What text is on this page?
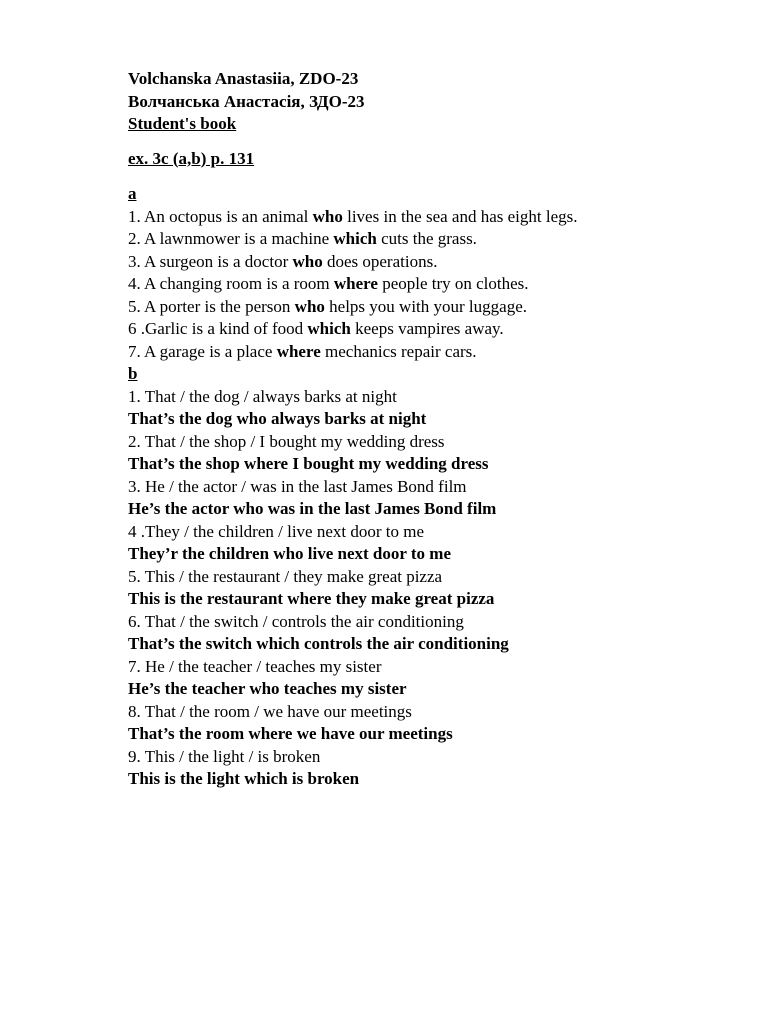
Volchanska Anastasiia, ZDO-23
Волчанська Анастасія, ЗДО-23
Student's book
ex. 3c (a,b) p. 131
a
1. An octopus is an animal who lives in the sea and has eight legs.
2. A lawnmower is a machine which cuts the grass.
3. A surgeon is a doctor who does operations.
4. A changing room is a room where people try on clothes.
5. A porter is the person who helps you with your luggage.
6 .Garlic is a kind of food which keeps vampires away.
7. A garage is a place where mechanics repair cars.
b
1. That / the dog / always barks at night
That’s the dog who always barks at night
2. That / the shop / I bought my wedding dress
That’s the shop where I bought my wedding dress
3. He / the actor / was in the last James Bond film
He’s the actor who was in the last James Bond film
4 .They / the children / live next door to me
They’r the children who live next door to me
5. This / the restaurant / they make great pizza
This is the restaurant where they make great pizza
6. That / the switch / controls the air conditioning
That’s the switch which controls the air conditioning
7. He / the teacher / teaches my sister
He’s the teacher who teaches my sister
8. That / the room / we have our meetings
That’s the room where we have our meetings
9. This / the light / is broken
This is the light which is broken
